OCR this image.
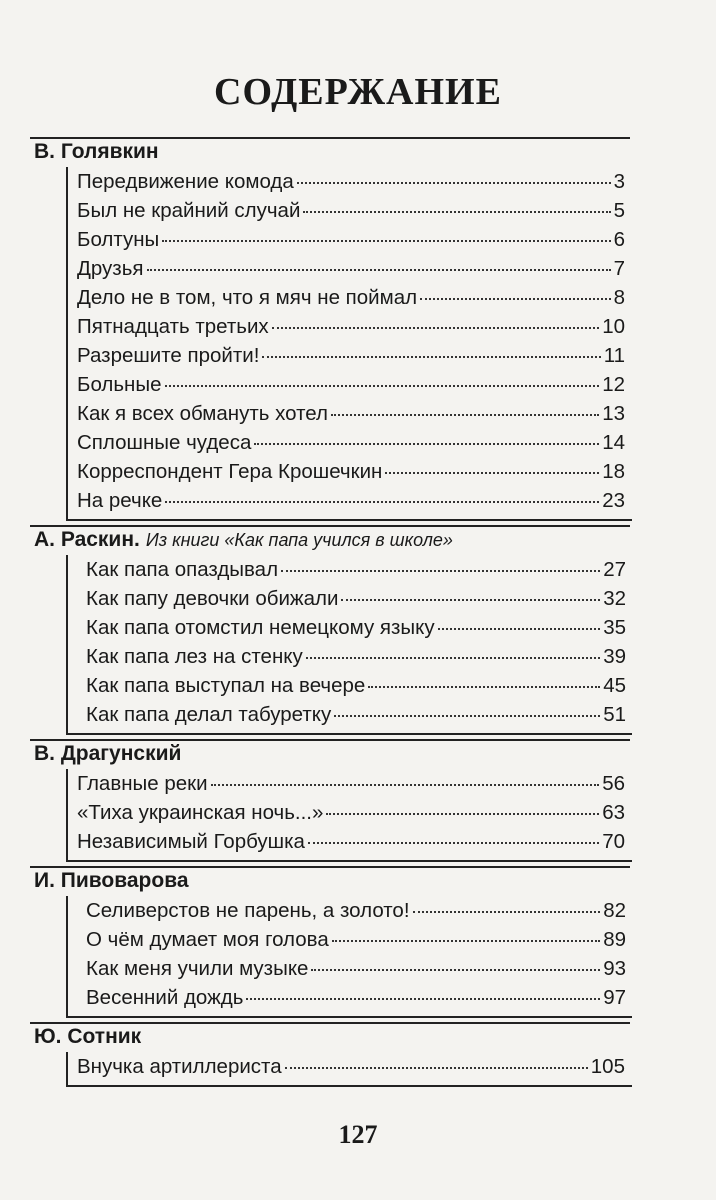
СОДЕРЖАНИЕ
В. Голявкин
Передвижение комода	3
Был не крайний случай	5
Болтуны	6
Друзья	7
Дело не в том, что я мяч не поймал	8
Пятнадцать третьих	10
Разрешите пройти!	11
Больные	12
Как я всех обмануть хотел	13
Сплошные чудеса	14
Корреспондент Гера Крошечкин	18
На речке	23
А. Раскин. Из книги «Как папа учился в школе»
Как папа опаздывал	27
Как папу девочки обижали	32
Как папа отомстил немецкому языку	35
Как папа лез на стенку	39
Как папа выступал на вечере	45
Как папа делал табуретку	51
В. Драгунский
Главные реки	56
«Тиха украинская ночь...»	63
Независимый Горбушка	70
И. Пивоварова
Селиверстов не парень, а золото!	82
О чём думает моя голова	89
Как меня учили музыке	93
Весенний дождь	97
Ю. Сотник
Внучка артиллериста	105
127
